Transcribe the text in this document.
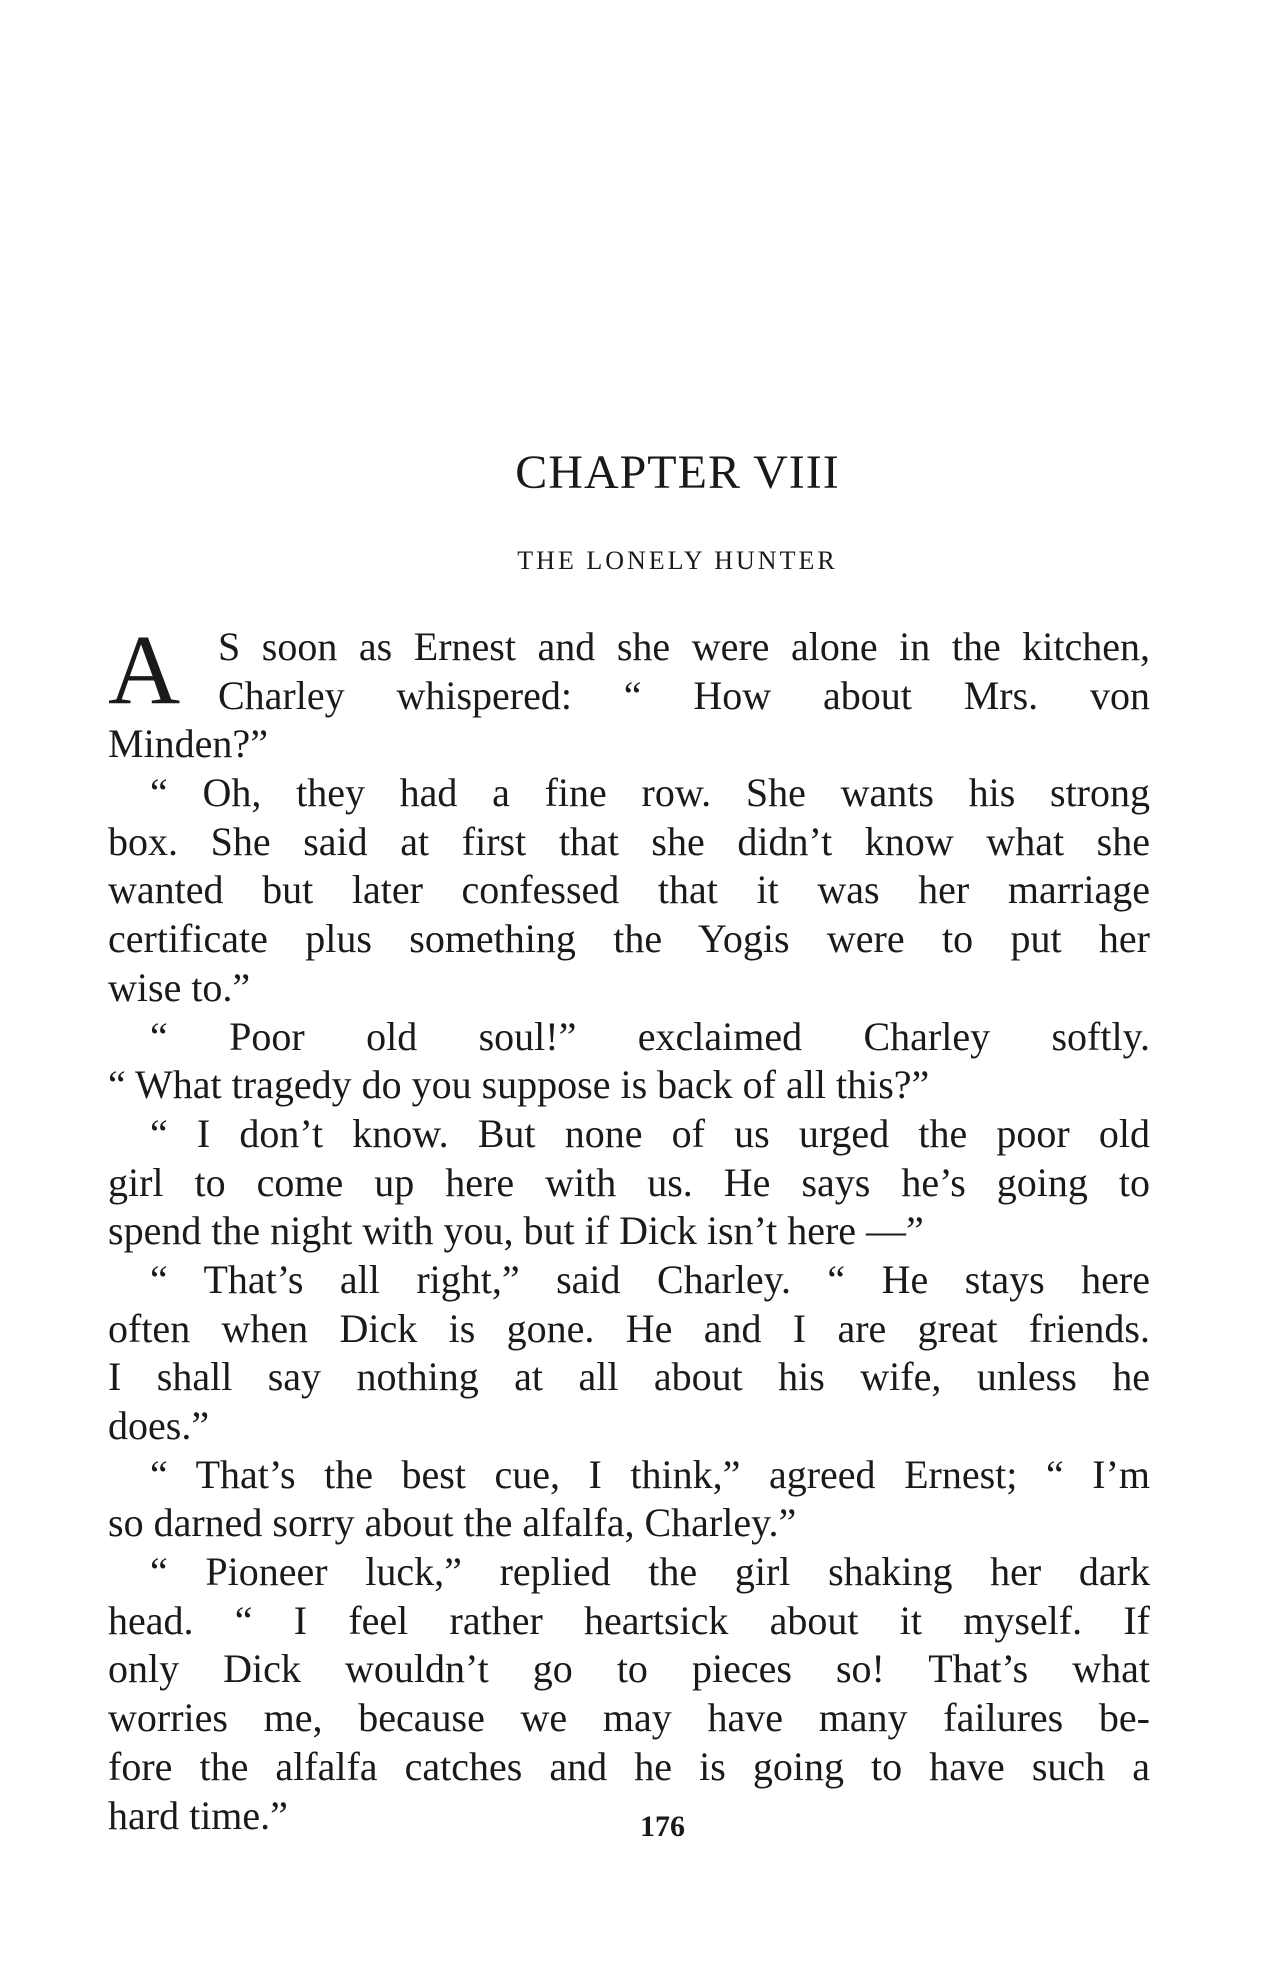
CHAPTER VIII
THE LONELY HUNTER
A S soon as Ernest and she were alone in the kitchen,
Charley whispered: “ How about Mrs. von
Minden?”
“ Oh, they had a fine row. She wants his strong
box. She said at first that she didn’t know what she
wanted but later confessed that it was her marriage
certificate plus something the Yogis were to put her
wise to.”
“ Poor old soul!” exclaimed Charley softly.
“ What tragedy do you suppose is back of all this?”
“ I don’t know. But none of us urged the poor old
girl to come up here with us. He says he’s going to
spend the night with you, but if Dick isn’t here —”
“ That’s all right,” said Charley. “ He stays here
often when Dick is gone. He and I are great friends.
I shall say nothing at all about his wife, unless he
does.”
“ That’s the best cue, I think,” agreed Ernest; “ I’m
so darned sorry about the alfalfa, Charley.”
“ Pioneer luck,” replied the girl shaking her dark
head. “ I feel rather heartsick about it myself. If
only Dick wouldn’t go to pieces so! That’s what
worries me, because we may have many failures be-
fore the alfalfa catches and he is going to have such a
hard time.”	176
